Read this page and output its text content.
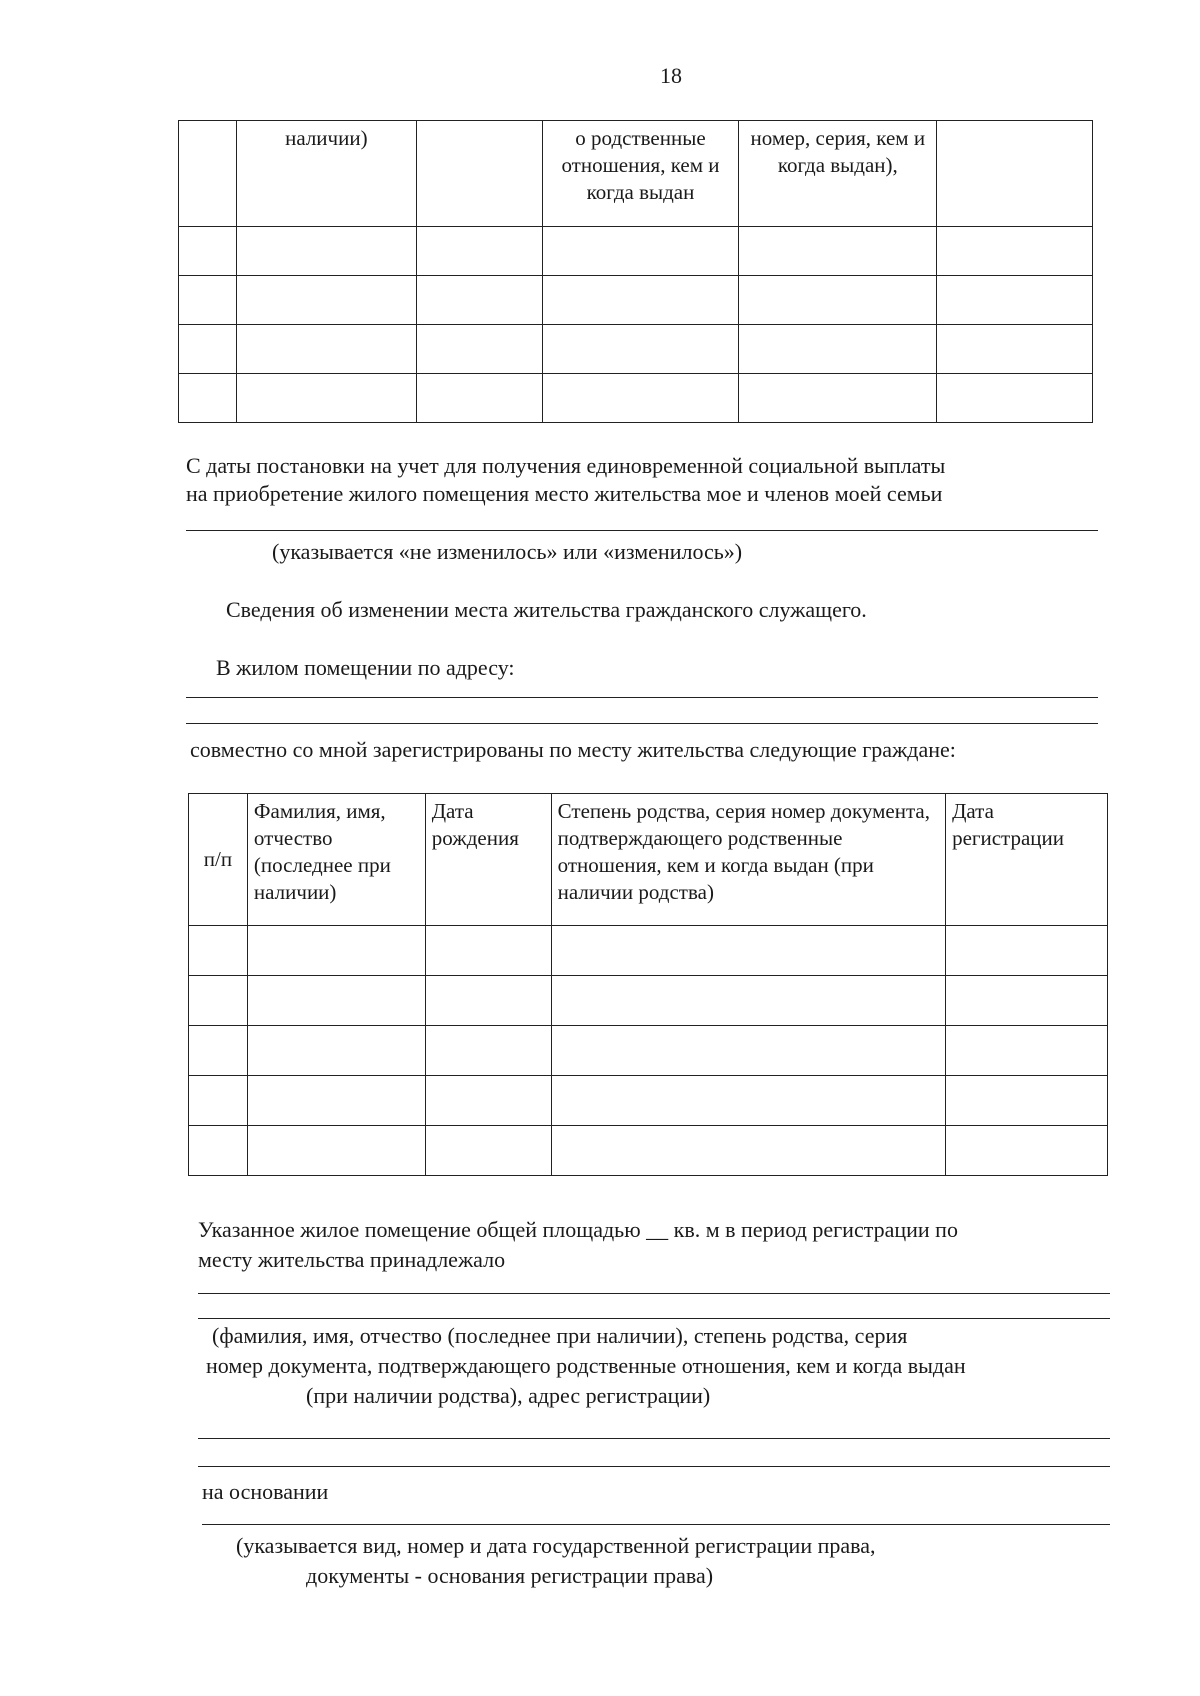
18
	наличии)		о родственные отношения, кем и когда выдан	номер, серия, кем и когда выдан),	

С даты постановки на учет для получения единовременной социальной выплаты
на приобретение жилого помещения место жительства мое и членов моей семьи
(указывается «не изменилось» или «изменилось»)
Сведения об изменении места жительства гражданского служащего.
В жилом помещении по адресу:
совместно со мной зарегистрированы по месту жительства следующие граждане:
п/п	Фамилия, имя, отчество (последнее при наличии)	Дата рождения	Степень родства, серия номер документа, подтверждающего родственные отношения, кем и когда выдан (при наличии родства)	Дата регистрации

Указанное жилое помещение общей площадью __ кв. м в период регистрации по
месту жительства принадлежало
(фамилия, имя, отчество (последнее при наличии), степень родства, серия
номер документа, подтверждающего родственные отношения, кем и когда выдан
(при наличии родства), адрес регистрации)
на основании
(указывается вид, номер и дата государственной регистрации права,
документы - основания регистрации права)
